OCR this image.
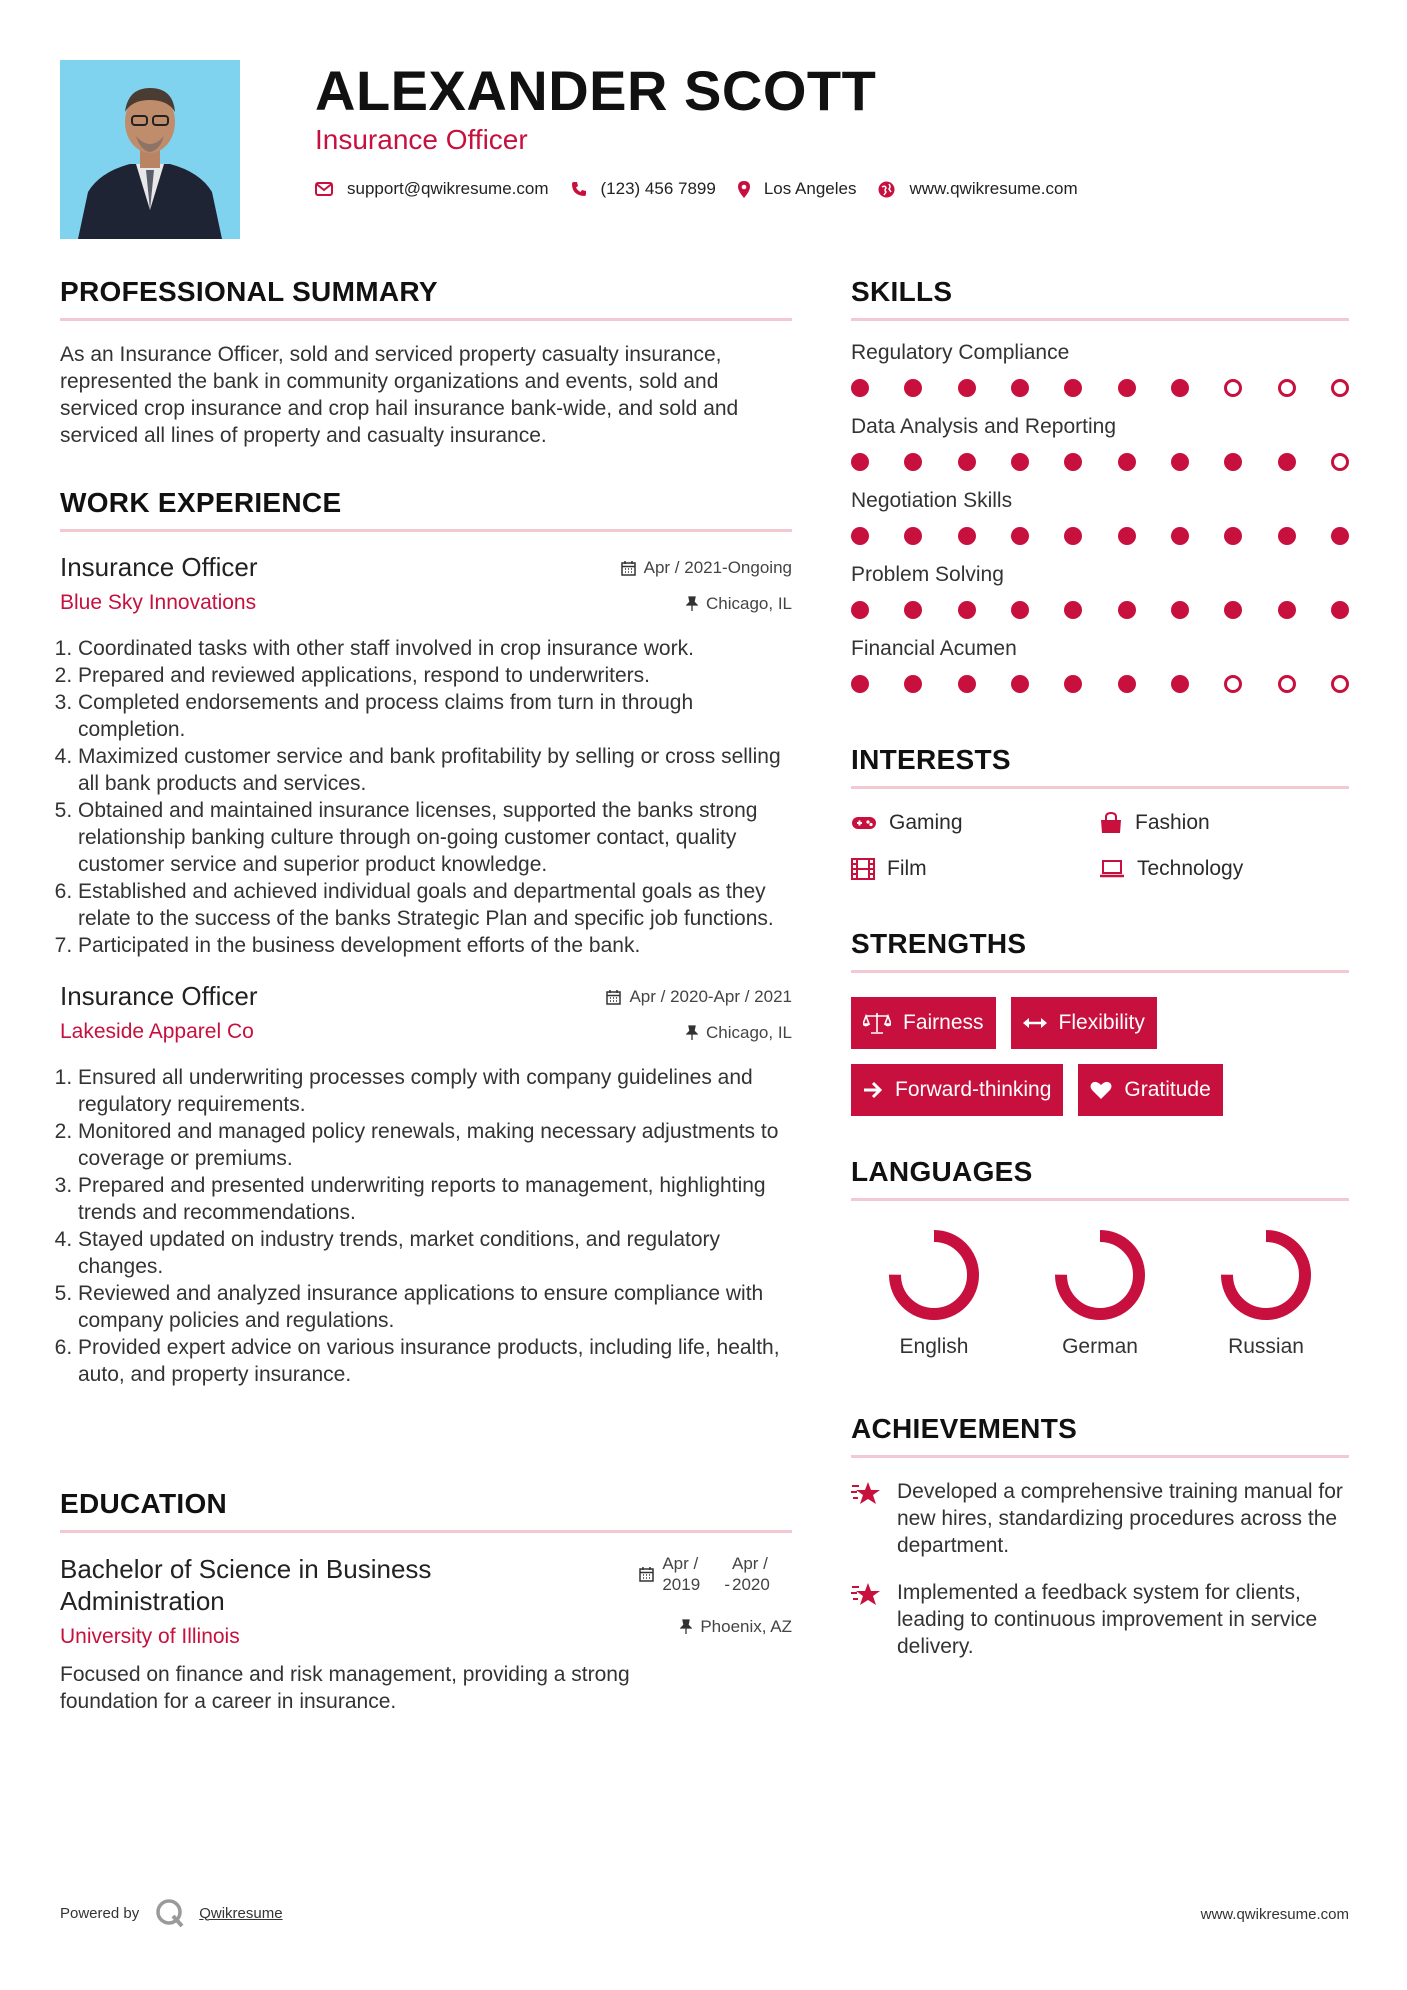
ALEXANDER SCOTT
Insurance Officer
support@qwikresume.com	(123) 456 7899	Los Angeles	www.qwikresume.com
PROFESSIONAL SUMMARY
As an Insurance Officer, sold and serviced property casualty insurance, represented the bank in community organizations and events, sold and serviced crop insurance and crop hail insurance bank-wide, and sold and serviced all lines of property and casualty insurance.
WORK EXPERIENCE
Insurance Officer
Blue Sky Innovations
Apr / 2021-Ongoing
Chicago, IL
1. Coordinated tasks with other staff involved in crop insurance work.
2. Prepared and reviewed applications, respond to underwriters.
3. Completed endorsements and process claims from turn in through completion.
4. Maximized customer service and bank profitability by selling or cross selling all bank products and services.
5. Obtained and maintained insurance licenses, supported the banks strong relationship banking culture through on-going customer contact, quality customer service and superior product knowledge.
6. Established and achieved individual goals and departmental goals as they relate to the success of the banks Strategic Plan and specific job functions.
7. Participated in the business development efforts of the bank.
Insurance Officer
Lakeside Apparel Co
Apr / 2020-Apr / 2021
Chicago, IL
1. Ensured all underwriting processes comply with company guidelines and regulatory requirements.
2. Monitored and managed policy renewals, making necessary adjustments to coverage or premiums.
3. Prepared and presented underwriting reports to management, highlighting trends and recommendations.
4. Stayed updated on industry trends, market conditions, and regulatory changes.
5. Reviewed and analyzed insurance applications to ensure compliance with company policies and regulations.
6. Provided expert advice on various insurance products, including life, health, auto, and property insurance.
EDUCATION
Bachelor of Science in Business Administration
University of Illinois
Apr / 2019	-
Apr / 2020
Phoenix, AZ
Focused on finance and risk management, providing a strong foundation for a career in insurance.
SKILLS
Regulatory Compliance
Data Analysis and Reporting
Negotiation Skills
Problem Solving
Financial Acumen
INTERESTS
Gaming	Fashion
Film	Technology
STRENGTHS
Fairness	Flexibility
Forward-thinking	Gratitude
LANGUAGES
English	German	Russian
ACHIEVEMENTS
Developed a comprehensive training manual for new hires, standardizing procedures across the department.
Implemented a feedback system for clients, leading to continuous improvement in service delivery.
Powered by	Qwikresume	www.qwikresume.com
